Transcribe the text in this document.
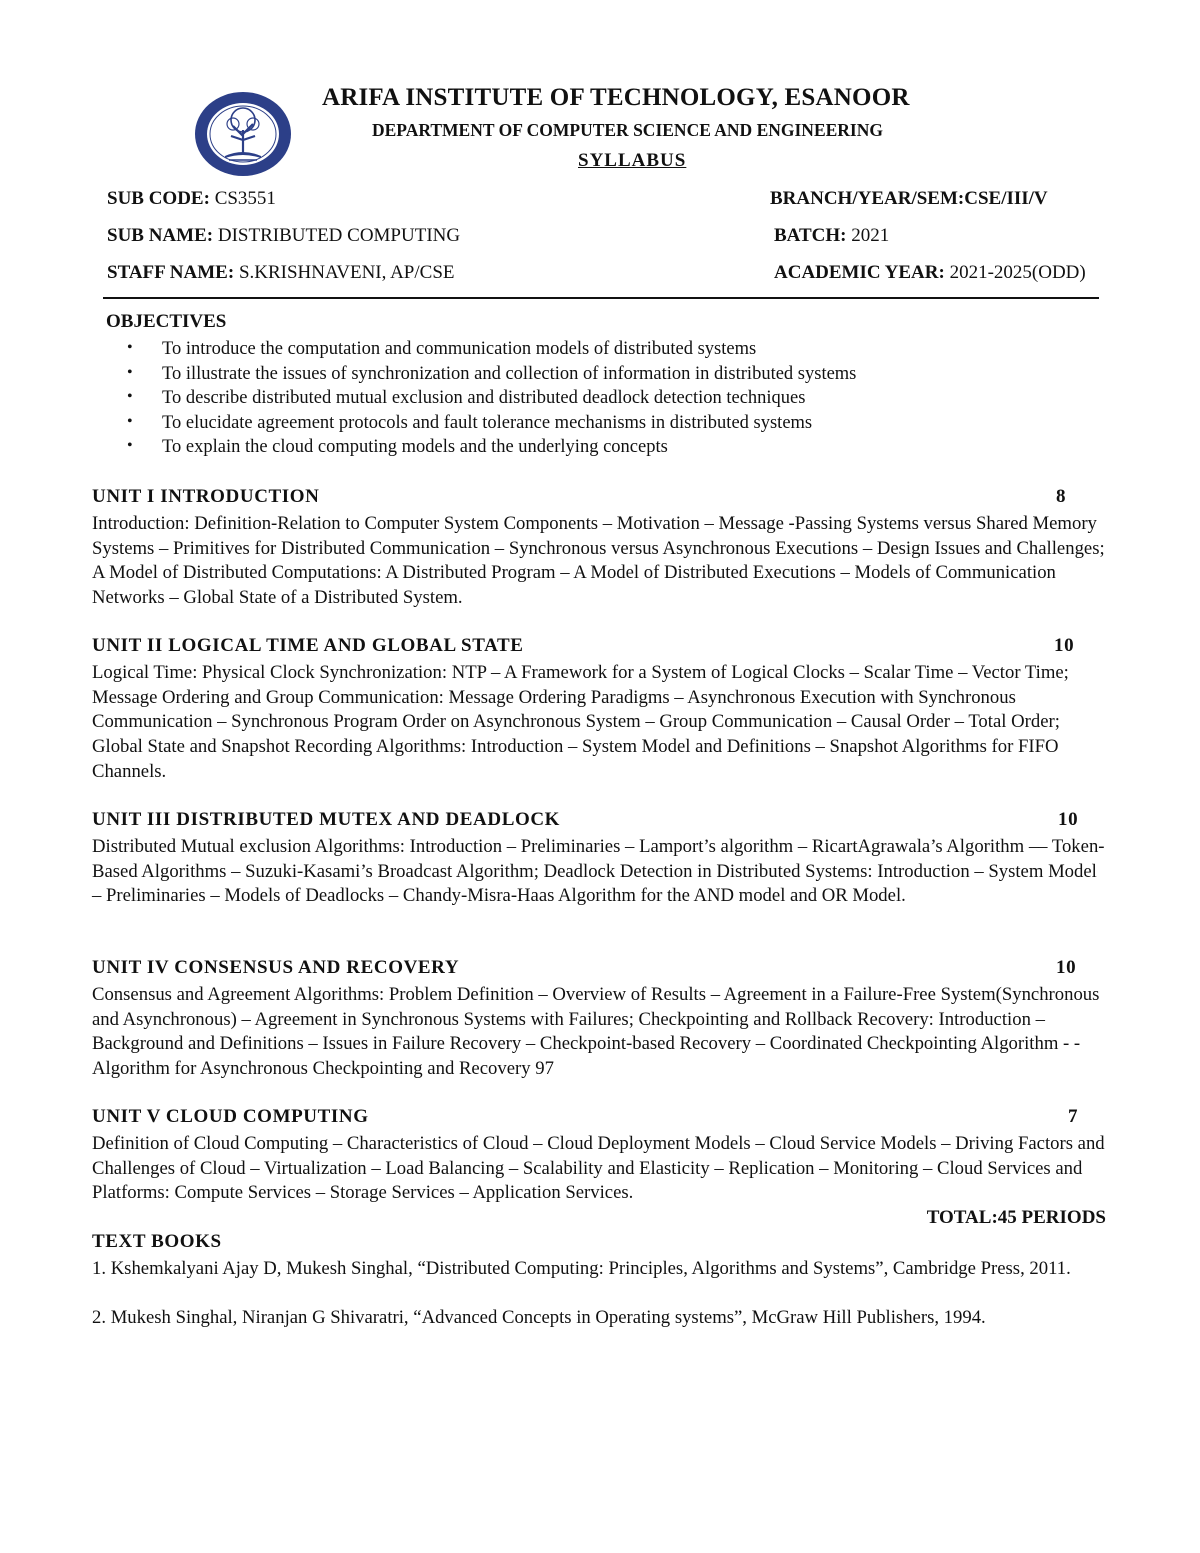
ARIFA INSTITUTE OF TECHNOLOGY, ESANOOR
DEPARTMENT OF COMPUTER SCIENCE AND ENGINEERING
SYLLABUS
SUB CODE: CS3551	BRANCH/YEAR/SEM:CSE/III/V
SUB NAME: DISTRIBUTED COMPUTING	BATCH: 2021
STAFF NAME: S.KRISHNAVENI, AP/CSE	ACADEMIC YEAR: 2021-2025(ODD)
OBJECTIVES
• To introduce the computation and communication models of distributed systems
• To illustrate the issues of synchronization and collection of information in distributed systems
• To describe distributed mutual exclusion and distributed deadlock detection techniques
• To elucidate agreement protocols and fault tolerance mechanisms in distributed systems
• To explain the cloud computing models and the underlying concepts
UNIT I INTRODUCTION	8
Introduction: Definition-Relation to Computer System Components – Motivation – Message -Passing Systems versus Shared Memory Systems – Primitives for Distributed Communication – Synchronous versus Asynchronous Executions – Design Issues and Challenges; A Model of Distributed Computations: A Distributed Program – A Model of Distributed Executions – Models of Communication Networks – Global State of a Distributed System.
UNIT II LOGICAL TIME AND GLOBAL STATE	10
Logical Time: Physical Clock Synchronization: NTP – A Framework for a System of Logical Clocks – Scalar Time – Vector Time; Message Ordering and Group Communication: Message Ordering Paradigms – Asynchronous Execution with Synchronous Communication – Synchronous Program Order on Asynchronous System – Group Communication – Causal Order – Total Order; Global State and Snapshot Recording Algorithms: Introduction – System Model and Definitions – Snapshot Algorithms for FIFO Channels.
UNIT III DISTRIBUTED MUTEX AND DEADLOCK	10
Distributed Mutual exclusion Algorithms: Introduction – Preliminaries – Lamport’s algorithm – RicartAgrawala’s Algorithm –– Token-Based Algorithms – Suzuki-Kasami’s Broadcast Algorithm; Deadlock Detection in Distributed Systems: Introduction – System Model – Preliminaries – Models of Deadlocks – Chandy-Misra-Haas Algorithm for the AND model and OR Model.
UNIT IV CONSENSUS AND RECOVERY	10
Consensus and Agreement Algorithms: Problem Definition – Overview of Results – Agreement in a Failure-Free System(Synchronous and Asynchronous) – Agreement in Synchronous Systems with Failures; Checkpointing and Rollback Recovery: Introduction – Background and Definitions – Issues in Failure Recovery – Checkpoint-based Recovery – Coordinated Checkpointing Algorithm - - Algorithm for Asynchronous Checkpointing and Recovery 97
UNIT V CLOUD COMPUTING	7
Definition of Cloud Computing – Characteristics of Cloud – Cloud Deployment Models – Cloud Service Models – Driving Factors and Challenges of Cloud – Virtualization – Load Balancing – Scalability and Elasticity – Replication – Monitoring – Cloud Services and Platforms: Compute Services – Storage Services – Application Services.
TOTAL:45 PERIODS
TEXT BOOKS
1. Kshemkalyani Ajay D, Mukesh Singhal, “Distributed Computing: Principles, Algorithms and Systems”, Cambridge Press, 2011.
2. Mukesh Singhal, Niranjan G Shivaratri, “Advanced Concepts in Operating systems”, McGraw Hill Publishers, 1994.
